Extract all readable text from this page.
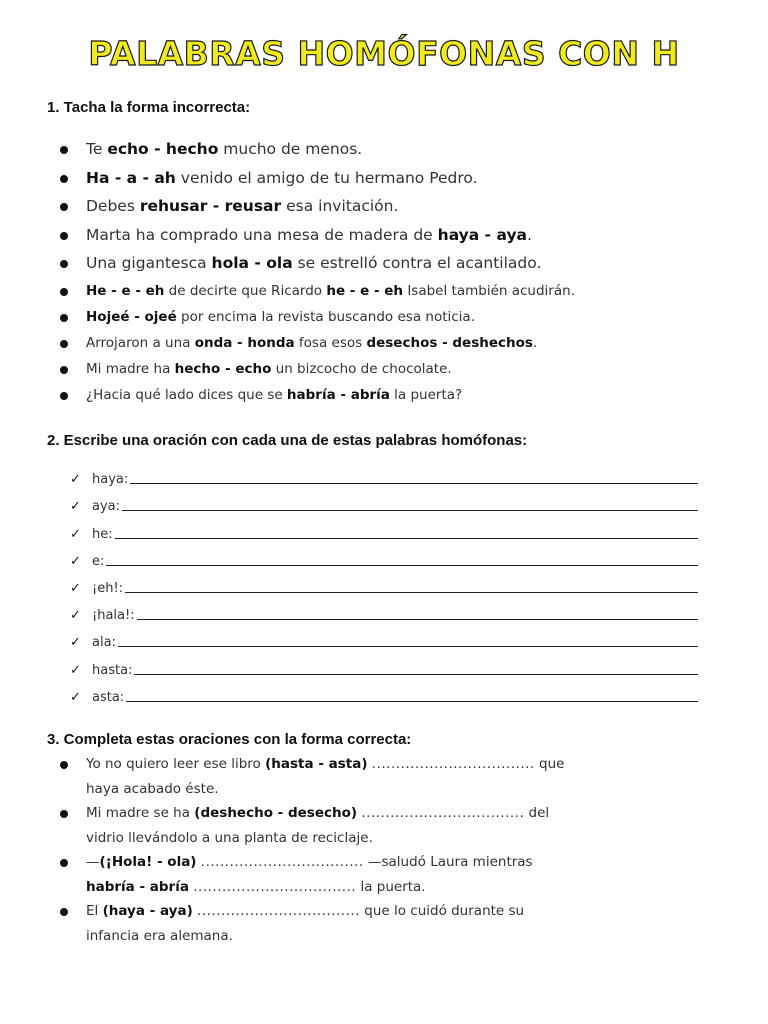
PALABRAS HOMÓFONAS CON H
1. Tacha la forma incorrecta:
Te echo - hecho mucho de menos.
Ha - a - ah venido el amigo de tu hermano Pedro.
Debes rehusar - reusar esa invitación.
Marta ha comprado una mesa de madera de haya - aya.
Una gigantesca hola - ola se estrelló contra el acantilado.
He - e - eh de decirte que Ricardo he - e - eh Isabel también acudirán.
Hojeé - ojeé por encima la revista buscando esa noticia.
Arrojaron a una onda - honda fosa esos desechos - deshechos.
Mi madre ha hecho - echo un bizcocho de chocolate.
¿Hacia qué lado dices que se habría - abría la puerta?
2. Escribe una oración con cada una de estas palabras homófonas:
✓ haya:
✓ aya:
✓ he:
✓ e:
✓ ¡eh!:
✓ ¡hala!:
✓ ala:
✓ hasta:
✓ asta:
3. Completa estas oraciones con la forma correcta:
Yo no quiero leer ese libro (hasta - asta) .................................. que haya acabado éste.
Mi madre se ha (deshecho - desecho) .................................. del vidrio llevándolo a una planta de reciclaje.
—(¡Hola! - ola) .................................. —saludó Laura mientras habría - abría .................................. la puerta.
El (haya - aya) .................................. que lo cuidó durante su infancia era alemana.
